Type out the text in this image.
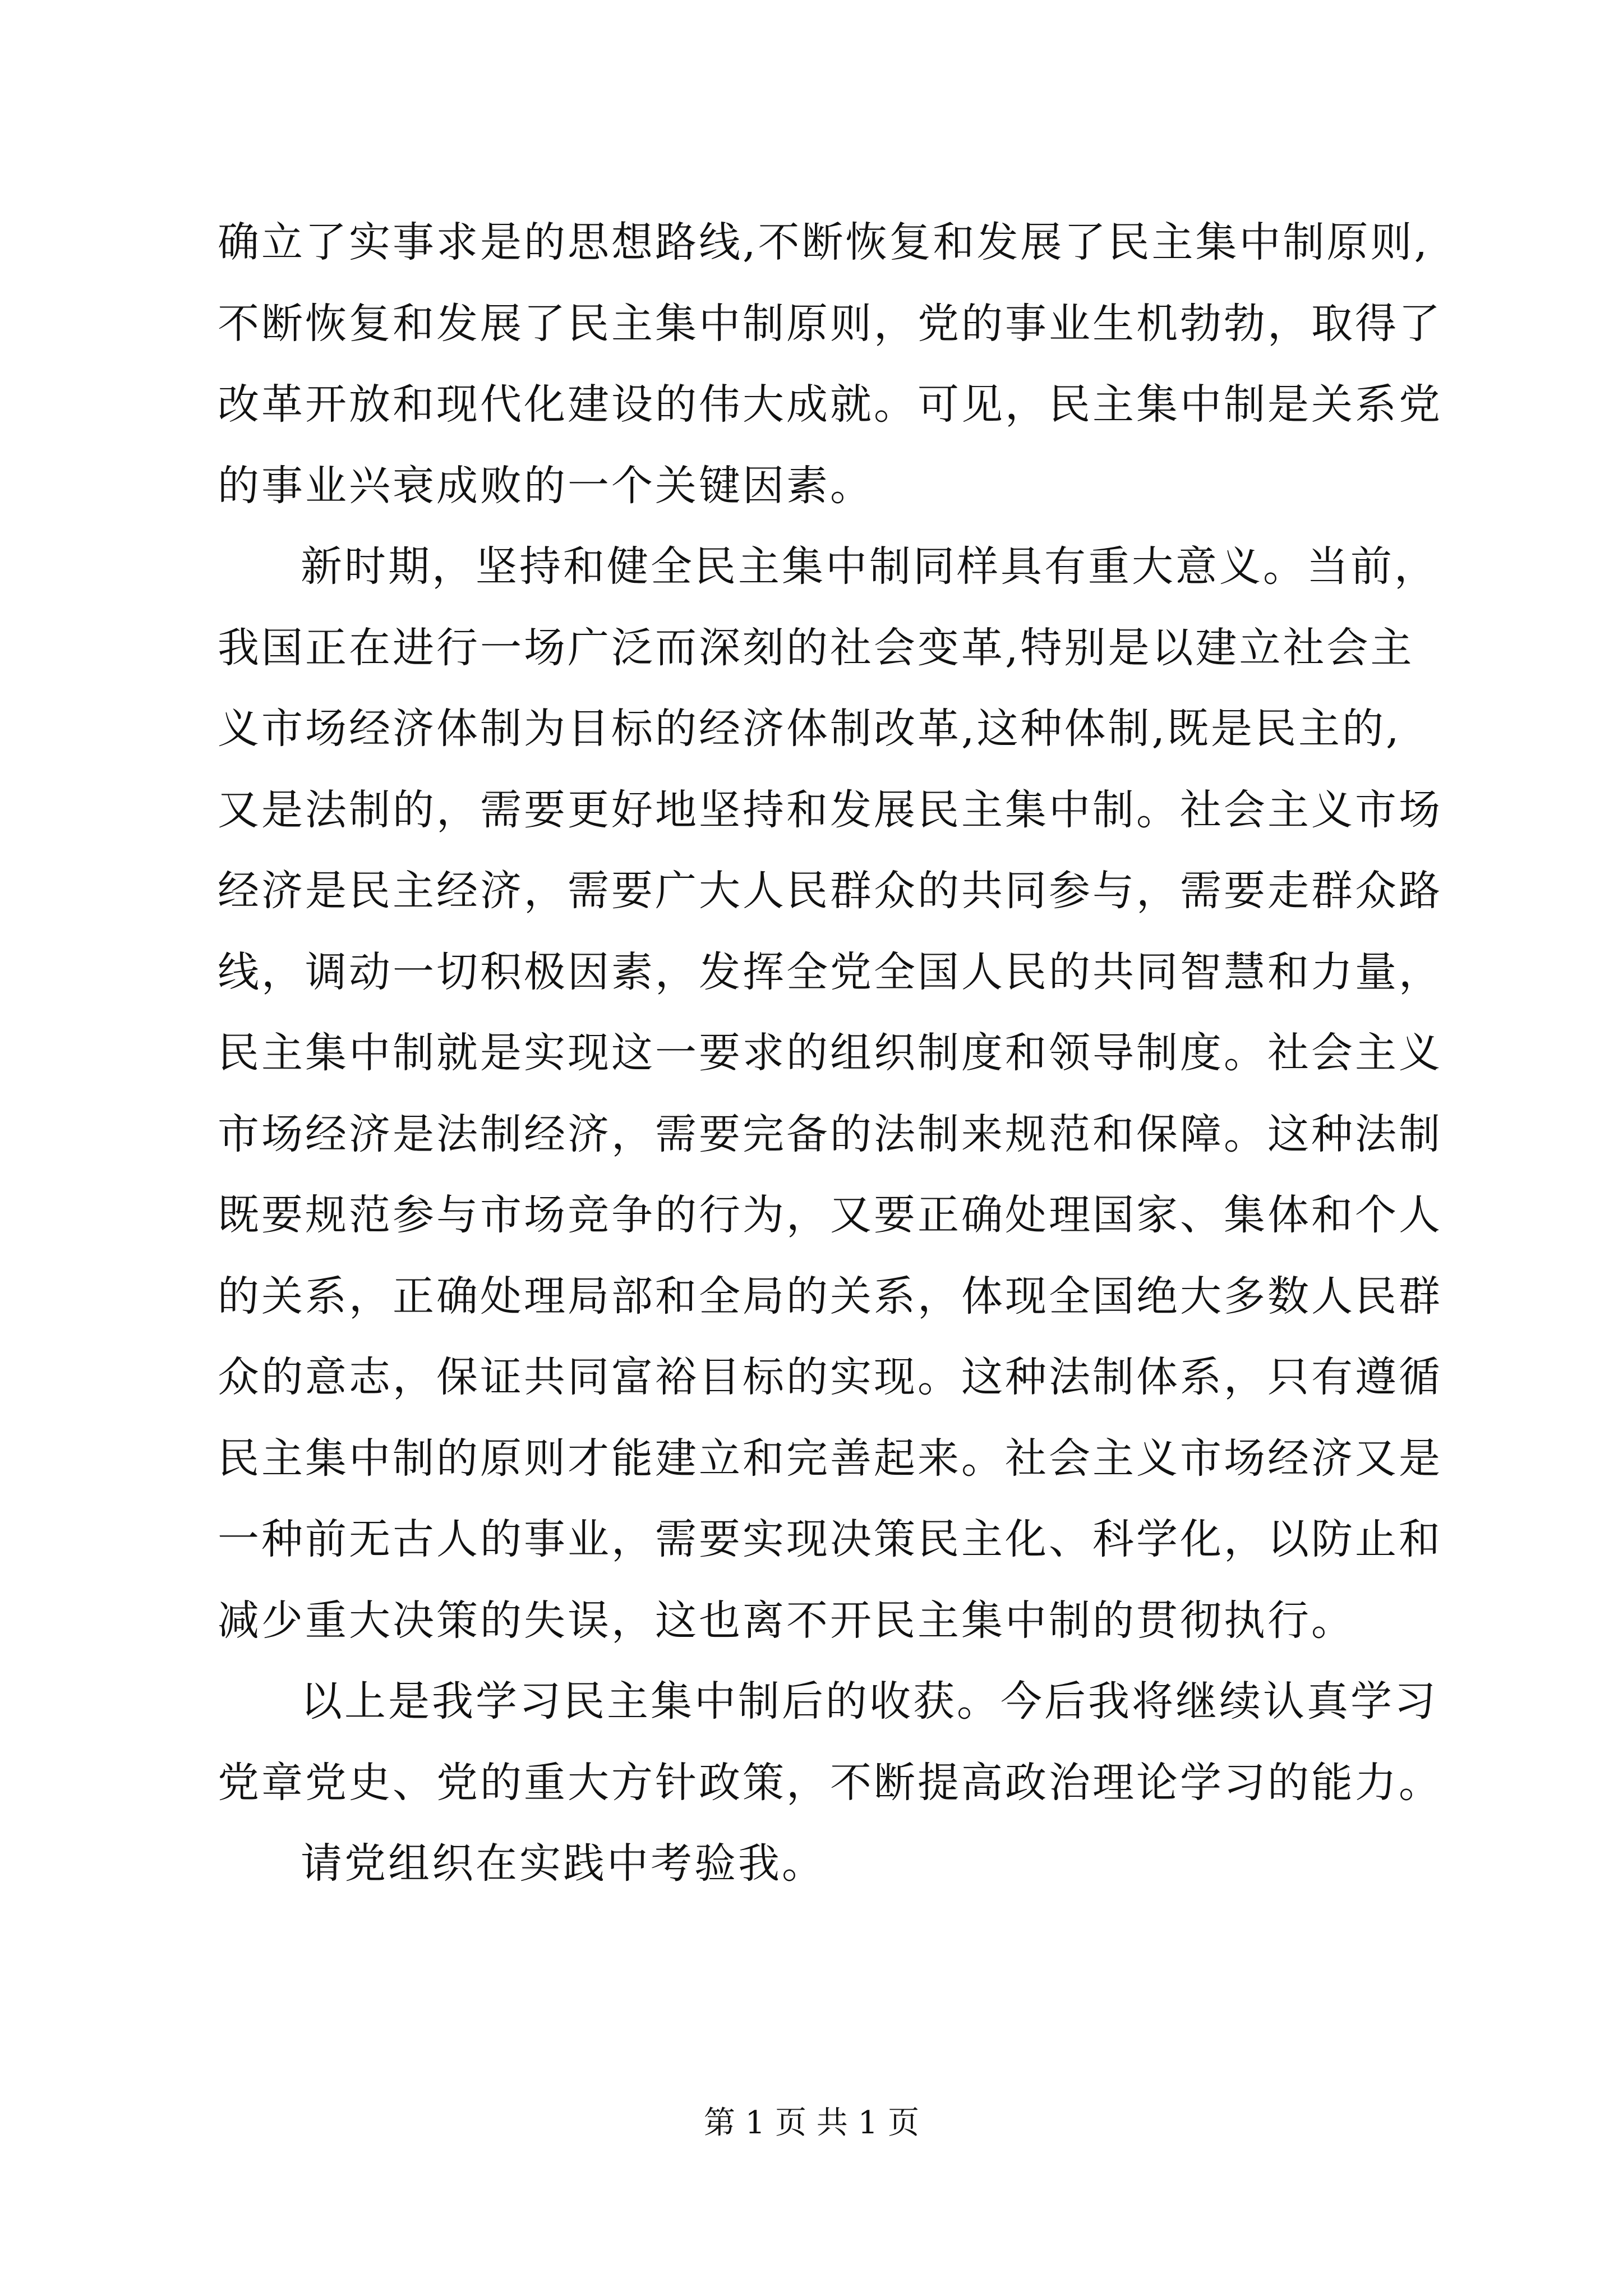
确立了实事求是的思想路线,不断恢复和发展了民主集中制原则,
不断恢复和发展了民主集中制原则，党的事业生机勃勃，取得了
改革开放和现代化建设的伟大成就。可见，民主集中制是关系党
的事业兴衰成败的一个关键因素。
新时期，坚持和健全民主集中制同样具有重大意义。当前，
我国正在进行一场广泛而深刻的社会变革,特别是以建立社会主
义市场经济体制为目标的经济体制改革,这种体制,既是民主的,
又是法制的，需要更好地坚持和发展民主集中制。社会主义市场
经济是民主经济，需要广大人民群众的共同参与，需要走群众路
线，调动一切积极因素，发挥全党全国人民的共同智慧和力量，
民主集中制就是实现这一要求的组织制度和领导制度。社会主义
市场经济是法制经济，需要完备的法制来规范和保障。这种法制
既要规范参与市场竞争的行为，又要正确处理国家、集体和个人
的关系，正确处理局部和全局的关系，体现全国绝大多数人民群
众的意志，保证共同富裕目标的实现。这种法制体系，只有遵循
民主集中制的原则才能建立和完善起来。社会主义市场经济又是
一种前无古人的事业，需要实现决策民主化、科学化，以防止和
减少重大决策的失误，这也离不开民主集中制的贯彻执行。
以上是我学习民主集中制后的收获。今后我将继续认真学习
党章党史、党的重大方针政策，不断提高政治理论学习的能力。
请党组织在实践中考验我。
第 1 页 共 1 页
